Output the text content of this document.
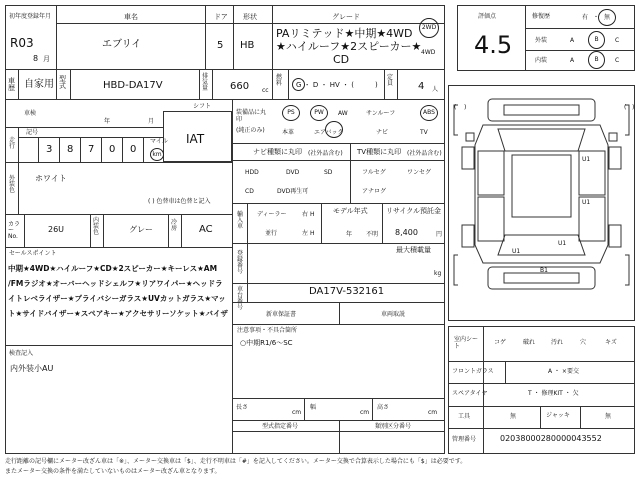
初年度登録年月
R03
8 月
車名
エブリイ
ドア
5
形状
HB
グレード
PAリミテッド★中期★4WD
★ハイルーフ★2スピーカー★
CD
2WD
4WD
車歴 自家用 型式	HBD-DA17V
排気量 660 cc
燃料 G ・ D ・ HV ・ (　　　)
定員 4 人
車検
年	月
シフト
IAT
走行
記号
3 8 7 0 0
マイル
km
外装色
ホワイト
( ) 色替車は色替と記入
カラーNo.
26U
内装色	グレー
冷房 AC
セールスポイント
中期★4WD★ハイルーフ★CD★2スピーカー★キーレス★AM
/FMラジオ★オーバーヘッドシェルフ★リアワイパー★ヘッドラ
イトレベライザー★プライバシーガラス★UVカットガラス★マッ
ト★サイドバイザー★スペアキー★アクセサリーソケット★バイザ
検査記入
内外装小AU
装備品に丸印
(純正のみ)
PS	PW	AW	サンルーフ	ABS
本革	エアバック	ナビ	TV
ナビ種類に丸印 (社外品含む) TV種類に丸印 (社外品含む)
HDD	DVD	SD
CD	DVD再生可
フルセグ	ワンセグ
アナログ
輸入車
ディーラー
並行
右 H
左 H
モデル年式
年 不明
リサイクル預託金
8,400	円
登録番号
最大積載量
kg
車台番号
DA17V-532161
新車保証書	車両取説
注意事項・不具合箇所
○中期R1/6〜SC
長さ
cm
幅
cm
高さ
cm
型式指定番号	類別区分番号
評価点
4.5
修復歴	有 ・ 無
外装	A	B	C
内装	A	B	C
( )	( )
U1
U1
U1
B1
U1
室内シート
コゲ	破れ	汚れ	穴	キズ
フロントガラス	A ・ ×要交
スペアタイヤ	T ・ 修理KIT ・ 欠
工具	無	ジャッキ	無
管理番号	02038000280000043552
走行距離の記号欄にメーター改ざん車は「※」、メーター交換車は「$」、走行不明車は「#」を記入してください。メーター交換で合算表示した場合にも「$」は必要です。
またメーター交換の条件を満たしていないものはメーター改ざん車となります。
